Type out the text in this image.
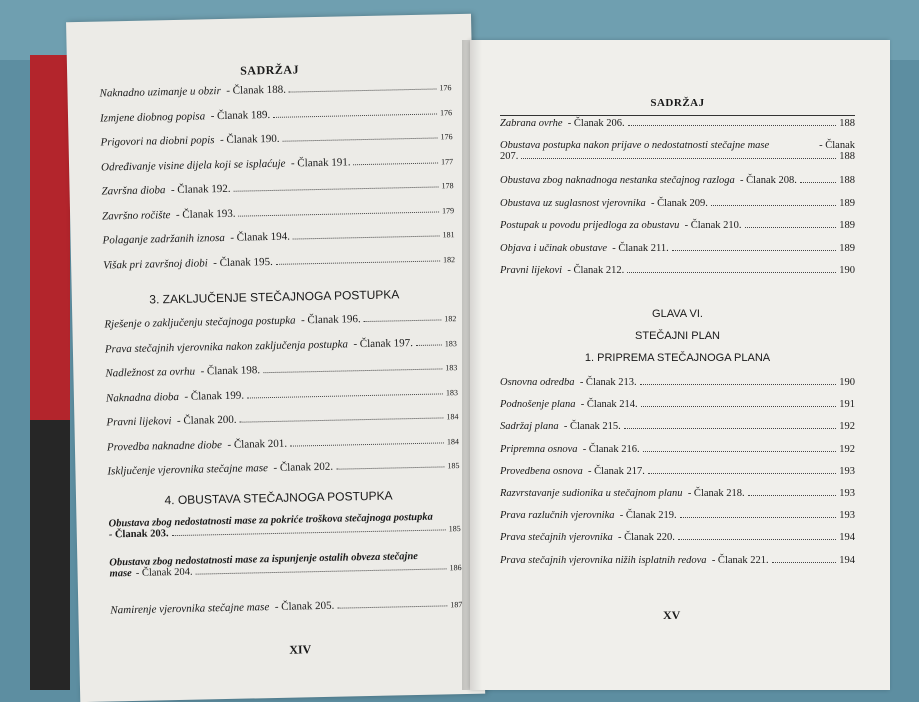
SADRŽAJ
Naknadno uzimanje u obzir - Članak 188.	176
Izmjene diobnog popisa - Članak 189.	176
Prigovori na diobni popis - Članak 190.	176
Određivanje visine dijela koji se isplaćuje - Članak 191.	177
Završna dioba - Članak 192.	178
Završno ročište - Članak 193.	179
Polaganje zadržanih iznosa - Članak 194.	181
Višak pri završnoj diobi - Članak 195.	182
3. ZAKLJUČENJE STEČAJNOGA POSTUPKA
Rješenje o zaključenju stečajnoga postupka - Članak 196.	182
Prava stečajnih vjerovnika nakon zaključenja postupka - Članak 197.	183
Nadležnost za ovrhu - Članak 198.	183
Naknadna dioba - Članak 199.	183
Pravni lijekovi - Članak 200.	184
Provedba naknadne diobe - Članak 201.	184
Isključenje vjerovnika stečajne mase - Članak 202.	185
4. OBUSTAVA STEČAJNOGA POSTUPKA
Obustava zbog nedostatnosti mase za pokriće troškova stečajnoga postupka
- Članak 203.	185
Obustava zbog nedostatnosti mase za ispunjenje ostalih obveza stečajne
mase - Članak 204.	186
Namirenje vjerovnika stečajne mase - Članak 205.	187
XIV
SADRŽAJ
Zabrana ovrhe - Članak 206.	188
Obustava postupka nakon prijave o nedostatnosti stečajne mase	- Članak
207.	188
Obustava zbog naknadnoga nestanka stečajnog razloga - Članak 208.	188
Obustava uz suglasnost vjerovnika - Članak 209.	189
Postupak u povodu prijedloga za obustavu - Članak 210.	189
Objava i učinak obustave - Članak 211.	189
Pravni lijekovi - Članak 212.	190
GLAVA VI.
STEČAJNI PLAN
1. PRIPREMA STEČAJNOGA PLANA
Osnovna odredba - Članak 213.	190
Podnošenje plana - Članak 214.	191
Sadržaj plana - Članak 215.	192
Pripremna osnova - Članak 216.	192
Provedbena osnova - Članak 217.	193
Razvrstavanje sudionika u stečajnom planu - Članak 218.	193
Prava razlučnih vjerovnika - Članak 219.	193
Prava stečajnih vjerovnika - Članak 220.	194
Prava stečajnih vjerovnika nižih isplatnih redova - Članak 221.	194
XV
